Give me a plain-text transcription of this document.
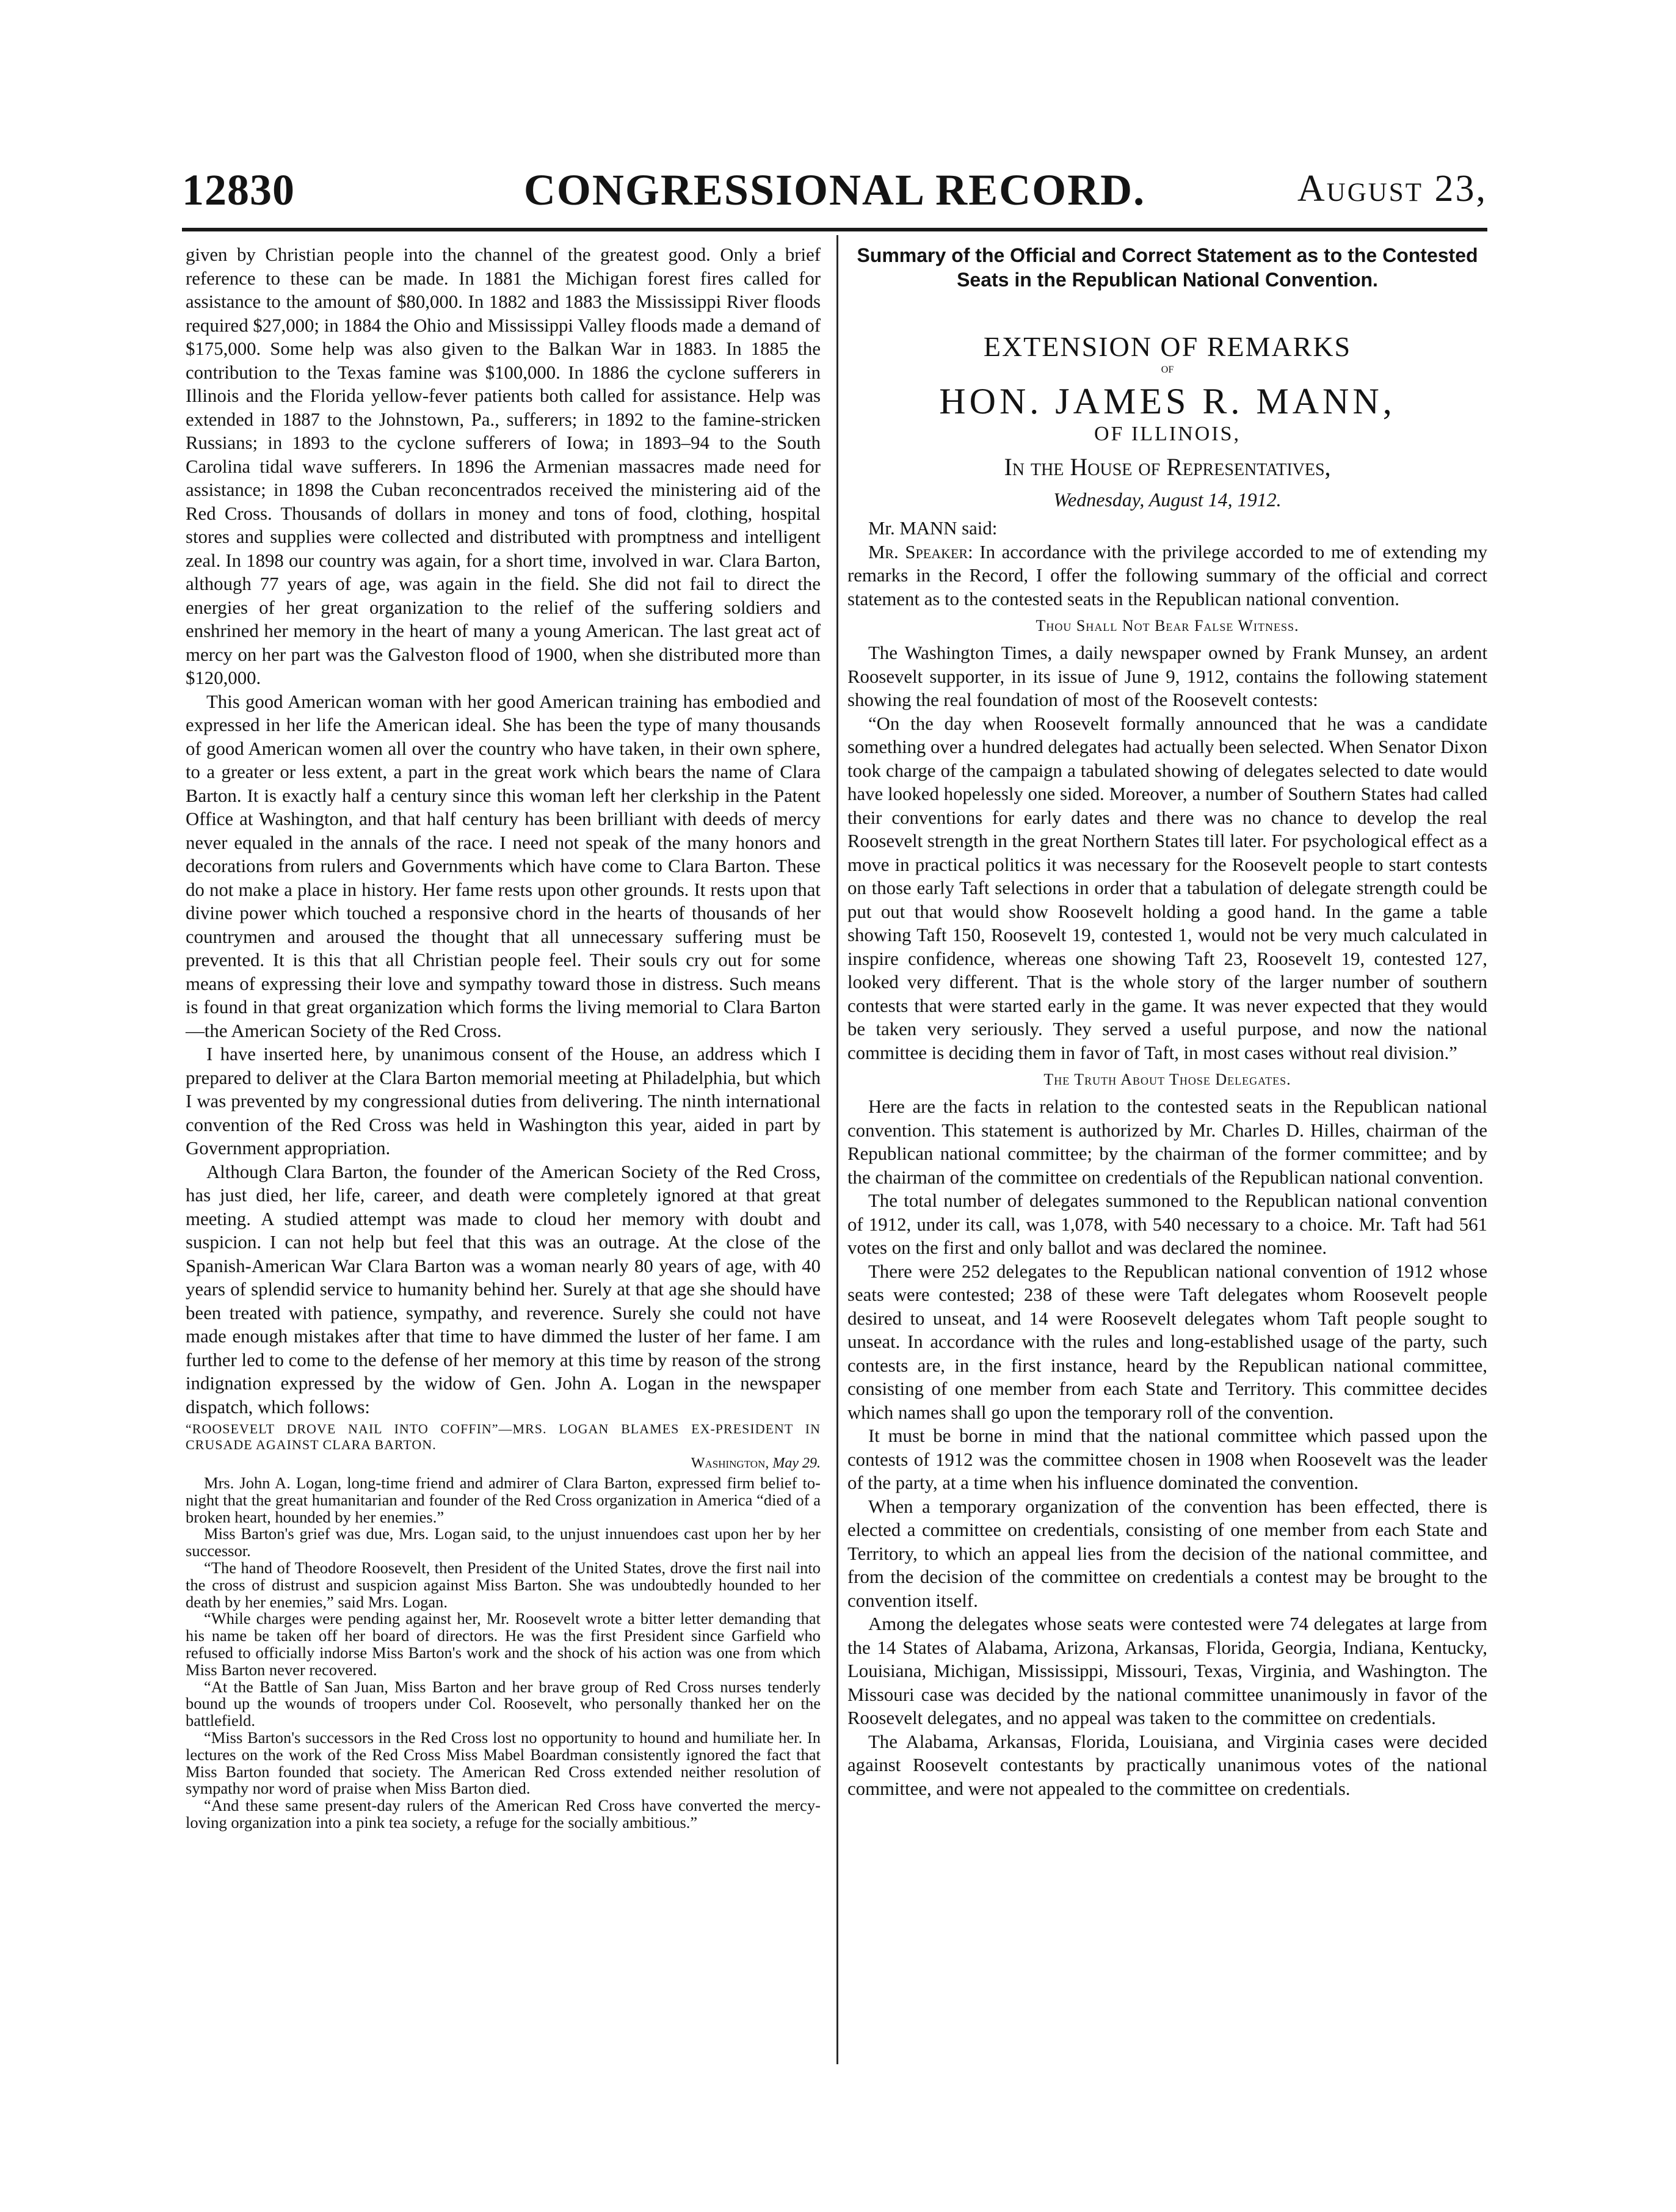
12830	CONGRESSIONAL RECORD.	August 23,

given by Christian people into the channel of the greatest good. Only a brief reference to these can be made. In 1881 the Michigan forest fires called for assistance to the amount of $80,000. In 1882 and 1883 the Mississippi River floods required $27,000; in 1884 the Ohio and Mississippi Valley floods made a demand of $175,000. Some help was also given to the Balkan War in 1883. In 1885 the contribution to the Texas famine was $100,000. In 1886 the cyclone sufferers in Illinois and the Florida yellow-fever patients both called for assistance. Help was extended in 1887 to the Johnstown, Pa., sufferers; in 1892 to the famine-stricken Russians; in 1893 to the cyclone sufferers of Iowa; in 1893–94 to the South Carolina tidal wave sufferers. In 1896 the Armenian massacres made need for assistance; in 1898 the Cuban reconcentrados received the ministering aid of the Red Cross. Thousands of dollars in money and tons of food, clothing, hospital stores and supplies were collected and distributed with promptness and intelligent zeal. In 1898 our country was again, for a short time, involved in war. Clara Barton, although 77 years of age, was again in the field. She did not fail to direct the energies of her great organization to the relief of the suffering soldiers and enshrined her memory in the heart of many a young American. The last great act of mercy on her part was the Galveston flood of 1900, when she distributed more than $120,000.

This good American woman with her good American training has embodied and expressed in her life the American ideal. She has been the type of many thousands of good American women all over the country who have taken, in their own sphere, to a greater or less extent, a part in the great work which bears the name of Clara Barton. It is exactly half a century since this woman left her clerkship in the Patent Office at Washington, and that half century has been brilliant with deeds of mercy never equaled in the annals of the race. I need not speak of the many honors and decorations from rulers and Governments which have come to Clara Barton. These do not make a place in history. Her fame rests upon other grounds. It rests upon that divine power which touched a responsive chord in the hearts of thousands of her countrymen and aroused the thought that all unnecessary suffering must be prevented. It is this that all Christian people feel. Their souls cry out for some means of expressing their love and sympathy toward those in distress. Such means is found in that great organization which forms the living memorial to Clara Barton—the American Society of the Red Cross.

I have inserted here, by unanimous consent of the House, an address which I prepared to deliver at the Clara Barton memorial meeting at Philadelphia, but which I was prevented by my congressional duties from delivering. The ninth international convention of the Red Cross was held in Washington this year, aided in part by Government appropriation.

Although Clara Barton, the founder of the American Society of the Red Cross, has just died, her life, career, and death were completely ignored at that great meeting. A studied attempt was made to cloud her memory with doubt and suspicion. I can not help but feel that this was an outrage. At the close of the Spanish-American War Clara Barton was a woman nearly 80 years of age, with 40 years of splendid service to humanity behind her. Surely at that age she should have been treated with patience, sympathy, and reverence. Surely she could not have made enough mistakes after that time to have dimmed the luster of her fame. I am further led to come to the defense of her memory at this time by reason of the strong indignation expressed by the widow of Gen. John A. Logan in the newspaper dispatch, which follows:

“ROOSEVELT DROVE NAIL INTO COFFIN”—MRS. LOGAN BLAMES EX-PRESIDENT IN CRUSADE AGAINST CLARA BARTON.
Washington, May 29.

Mrs. John A. Logan, long-time friend and admirer of Clara Barton, expressed firm belief to-night that the great humanitarian and founder of the Red Cross organization in America “died of a broken heart, hounded by her enemies.”

Miss Barton's grief was due, Mrs. Logan said, to the unjust innuendoes cast upon her by her successor.

“The hand of Theodore Roosevelt, then President of the United States, drove the first nail into the cross of distrust and suspicion against Miss Barton. She was undoubtedly hounded to her death by her enemies,” said Mrs. Logan.

“While charges were pending against her, Mr. Roosevelt wrote a bitter letter demanding that his name be taken off her board of directors. He was the first President since Garfield who refused to officially indorse Miss Barton's work and the shock of his action was one from which Miss Barton never recovered.

“At the Battle of San Juan, Miss Barton and her brave group of Red Cross nurses tenderly bound up the wounds of troopers under Col. Roosevelt, who personally thanked her on the battlefield.

“Miss Barton's successors in the Red Cross lost no opportunity to hound and humiliate her. In lectures on the work of the Red Cross Miss Mabel Boardman consistently ignored the fact that Miss Barton founded that society. The American Red Cross extended neither resolution of sympathy nor word of praise when Miss Barton died.

“And these same present-day rulers of the American Red Cross have converted the mercy-loving organization into a pink tea society, a refuge for the socially ambitious.”

Summary of the Official and Correct Statement as to the Contested Seats in the Republican National Convention.
EXTENSION OF REMARKS
OF
HON. JAMES R. MANN,
OF ILLINOIS,
In the House of Representatives,
Wednesday, August 14, 1912.

Mr. MANN said:

Mr. Speaker: In accordance with the privilege accorded to me of extending my remarks in the Record, I offer the following summary of the official and correct statement as to the contested seats in the Republican national convention.

Thou Shall Not Bear False Witness.

The Washington Times, a daily newspaper owned by Frank Munsey, an ardent Roosevelt supporter, in its issue of June 9, 1912, contains the following statement showing the real foundation of most of the Roosevelt contests:

“On the day when Roosevelt formally announced that he was a candidate something over a hundred delegates had actually been selected. When Senator Dixon took charge of the campaign a tabulated showing of delegates selected to date would have looked hopelessly one sided. Moreover, a number of Southern States had called their conventions for early dates and there was no chance to develop the real Roosevelt strength in the great Northern States till later. For psychological effect as a move in practical politics it was necessary for the Roosevelt people to start contests on those early Taft selections in order that a tabulation of delegate strength could be put out that would show Roosevelt holding a good hand. In the game a table showing Taft 150, Roosevelt 19, contested 1, would not be very much calculated in inspire confidence, whereas one showing Taft 23, Roosevelt 19, contested 127, looked very different. That is the whole story of the larger number of southern contests that were started early in the game. It was never expected that they would be taken very seriously. They served a useful purpose, and now the national committee is deciding them in favor of Taft, in most cases without real division.”

The Truth About Those Delegates.

Here are the facts in relation to the contested seats in the Republican national convention. This statement is authorized by Mr. Charles D. Hilles, chairman of the Republican national committee; by the chairman of the former committee; and by the chairman of the committee on credentials of the Republican national convention.

The total number of delegates summoned to the Republican national convention of 1912, under its call, was 1,078, with 540 necessary to a choice. Mr. Taft had 561 votes on the first and only ballot and was declared the nominee.

There were 252 delegates to the Republican national convention of 1912 whose seats were contested; 238 of these were Taft delegates whom Roosevelt people desired to unseat, and 14 were Roosevelt delegates whom Taft people sought to unseat. In accordance with the rules and long-established usage of the party, such contests are, in the first instance, heard by the Republican national committee, consisting of one member from each State and Territory. This committee decides which names shall go upon the temporary roll of the convention.

It must be borne in mind that the national committee which passed upon the contests of 1912 was the committee chosen in 1908 when Roosevelt was the leader of the party, at a time when his influence dominated the convention.

When a temporary organization of the convention has been effected, there is elected a committee on credentials, consisting of one member from each State and Territory, to which an appeal lies from the decision of the national committee, and from the decision of the committee on credentials a contest may be brought to the convention itself.

Among the delegates whose seats were contested were 74 delegates at large from the 14 States of Alabama, Arizona, Arkansas, Florida, Georgia, Indiana, Kentucky, Louisiana, Michigan, Mississippi, Missouri, Texas, Virginia, and Washington. The Missouri case was decided by the national committee unanimously in favor of the Roosevelt delegates, and no appeal was taken to the committee on credentials.

The Alabama, Arkansas, Florida, Louisiana, and Virginia cases were decided against Roosevelt contestants by practically unanimous votes of the national committee, and were not appealed to the committee on credentials.
